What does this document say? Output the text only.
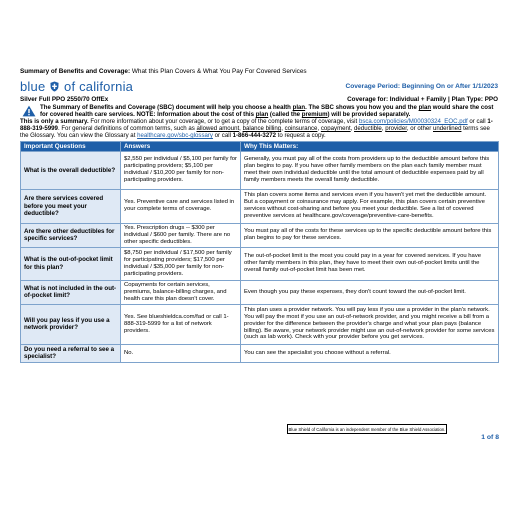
Summary of Benefits and Coverage: What this Plan Covers & What You Pay For Covered Services
blue of california	Coverage Period: Beginning On or After 1/1/2023
Silver Full PPO 2550/70 OffEx	Coverage for: Individual + Family | Plan Type: PPO
The Summary of Benefits and Coverage (SBC) document will help you choose a health plan. The SBC shows you how you and the plan would share the cost for covered health care services. NOTE: Information about the cost of this plan (called the premium) will be provided separately.
This is only a summary. For more information about your coverage, or to get a copy of the complete terms of coverage, visit bsca.com/policies/M00030324_EOC.pdf or call 1-888-319-5999. For general definitions of common terms, such as allowed amount, balance billing, coinsurance, copayment, deductible, provider, or other underlined terms see the Glossary. You can view the Glossary at healthcare.gov/sbc-glossary or call 1-866-444-3272 to request a copy.
Important Questions	Answers	Why This Matters:
What is the overall deductible?	$2,550 per individual / $5,100 per family for participating providers; $5,100 per individual / $10,200 per family for non-participating providers.	Generally, you must pay all of the costs from providers up to the deductible amount before this plan begins to pay. If you have other family members on the plan each family member must meet their own individual deductible until the total amount of deductible expenses paid by all family members meets the overall family deductible.
Are there services covered before you meet your deductible?	Yes. Preventive care and services listed in your complete terms of coverage.	This plan covers some items and services even if you haven't yet met the deductible amount. But a copayment or coinsurance may apply. For example, this plan covers certain preventive services without cost-sharing and before you meet your deductible. See a list of covered preventive services at healthcare.gov/coverage/preventive-care-benefits.
Are there other deductibles for specific services?	Yes. Prescription drugs -- $300 per individual / $600 per family. There are no other specific deductibles.	You must pay all of the costs for these services up to the specific deductible amount before this plan begins to pay for these services.
What is the out-of-pocket limit for this plan?	$8,750 per individual / $17,500 per family for participating providers; $17,500 per individual / $35,000 per family for non-participating providers.	The out-of-pocket limit is the most you could pay in a year for covered services. If you have other family members in this plan, they have to meet their own out-of-pocket limits until the overall family out-of-pocket limit has been met.
What is not included in the out-of-pocket limit?	Copayments for certain services, premiums, balance-billing charges, and health care this plan doesn't cover.	Even though you pay these expenses, they don't count toward the out-of-pocket limit.
Will you pay less if you use a network provider?	Yes. See blueshieldca.com/fad or call 1-888-319-5999 for a list of network providers.	This plan uses a provider network. You will pay less if you use a provider in the plan's network. You will pay the most if you use an out-of-network provider, and you might receive a bill from a provider for the difference between the provider's charge and what your plan pays (balance billing). Be aware, your network provider might use an out-of-network provider for some services (such as lab work). Check with your provider before you get services.
Do you need a referral to see a specialist?	No.	You can see the specialist you choose without a referral.
Blue Shield of California is an independent member of the Blue Shield Association.
1 of 8
